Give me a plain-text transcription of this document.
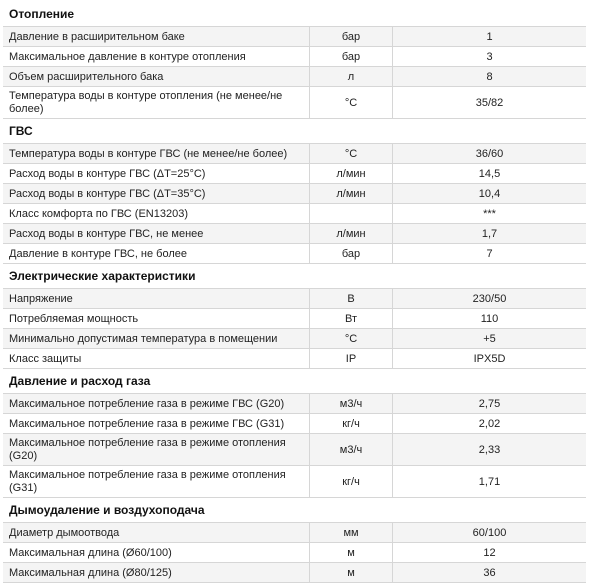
Отопление
Давление в расширительном баке	бар	1
Максимальное давление в контуре отопления	бар	3
Объем расширительного бака	л	8
Температура воды в контуре отопления (не менее/не более)	°C	35/82
ГВС
Температура воды в контуре ГВС (не менее/не более)	°C	36/60
Расход воды в контуре ГВС (ΔT=25°C)	л/мин	14,5
Расход воды в контуре ГВС (ΔT=35°C)	л/мин	10,4
Класс комфорта по ГВС (EN13203)		***
Расход воды в контуре ГВС, не менее	л/мин	1,7
Давление в контуре ГВС, не более	бар	7
Электрические характеристики
Напряжение	В	230/50
Потребляемая мощность	Вт	110
Минимально допустимая температура в помещении	°C	+5
Класс защиты	IP	IPX5D
Давление и расход газа
Максимальное потребление газа в режиме ГВС (G20)	м3/ч	2,75
Максимальное потребление газа в режиме ГВС (G31)	кг/ч	2,02
Максимальное потребление газа в режиме отопления (G20)	м3/ч	2,33
Максимальное потребление газа в режиме отопления (G31)	кг/ч	1,71
Дымоудаление и воздухоподача
Диаметр дымоотвода	мм	60/100
Максимальная длина (Ø60/100)	м	12
Максимальная длина (Ø80/125)	м	36
